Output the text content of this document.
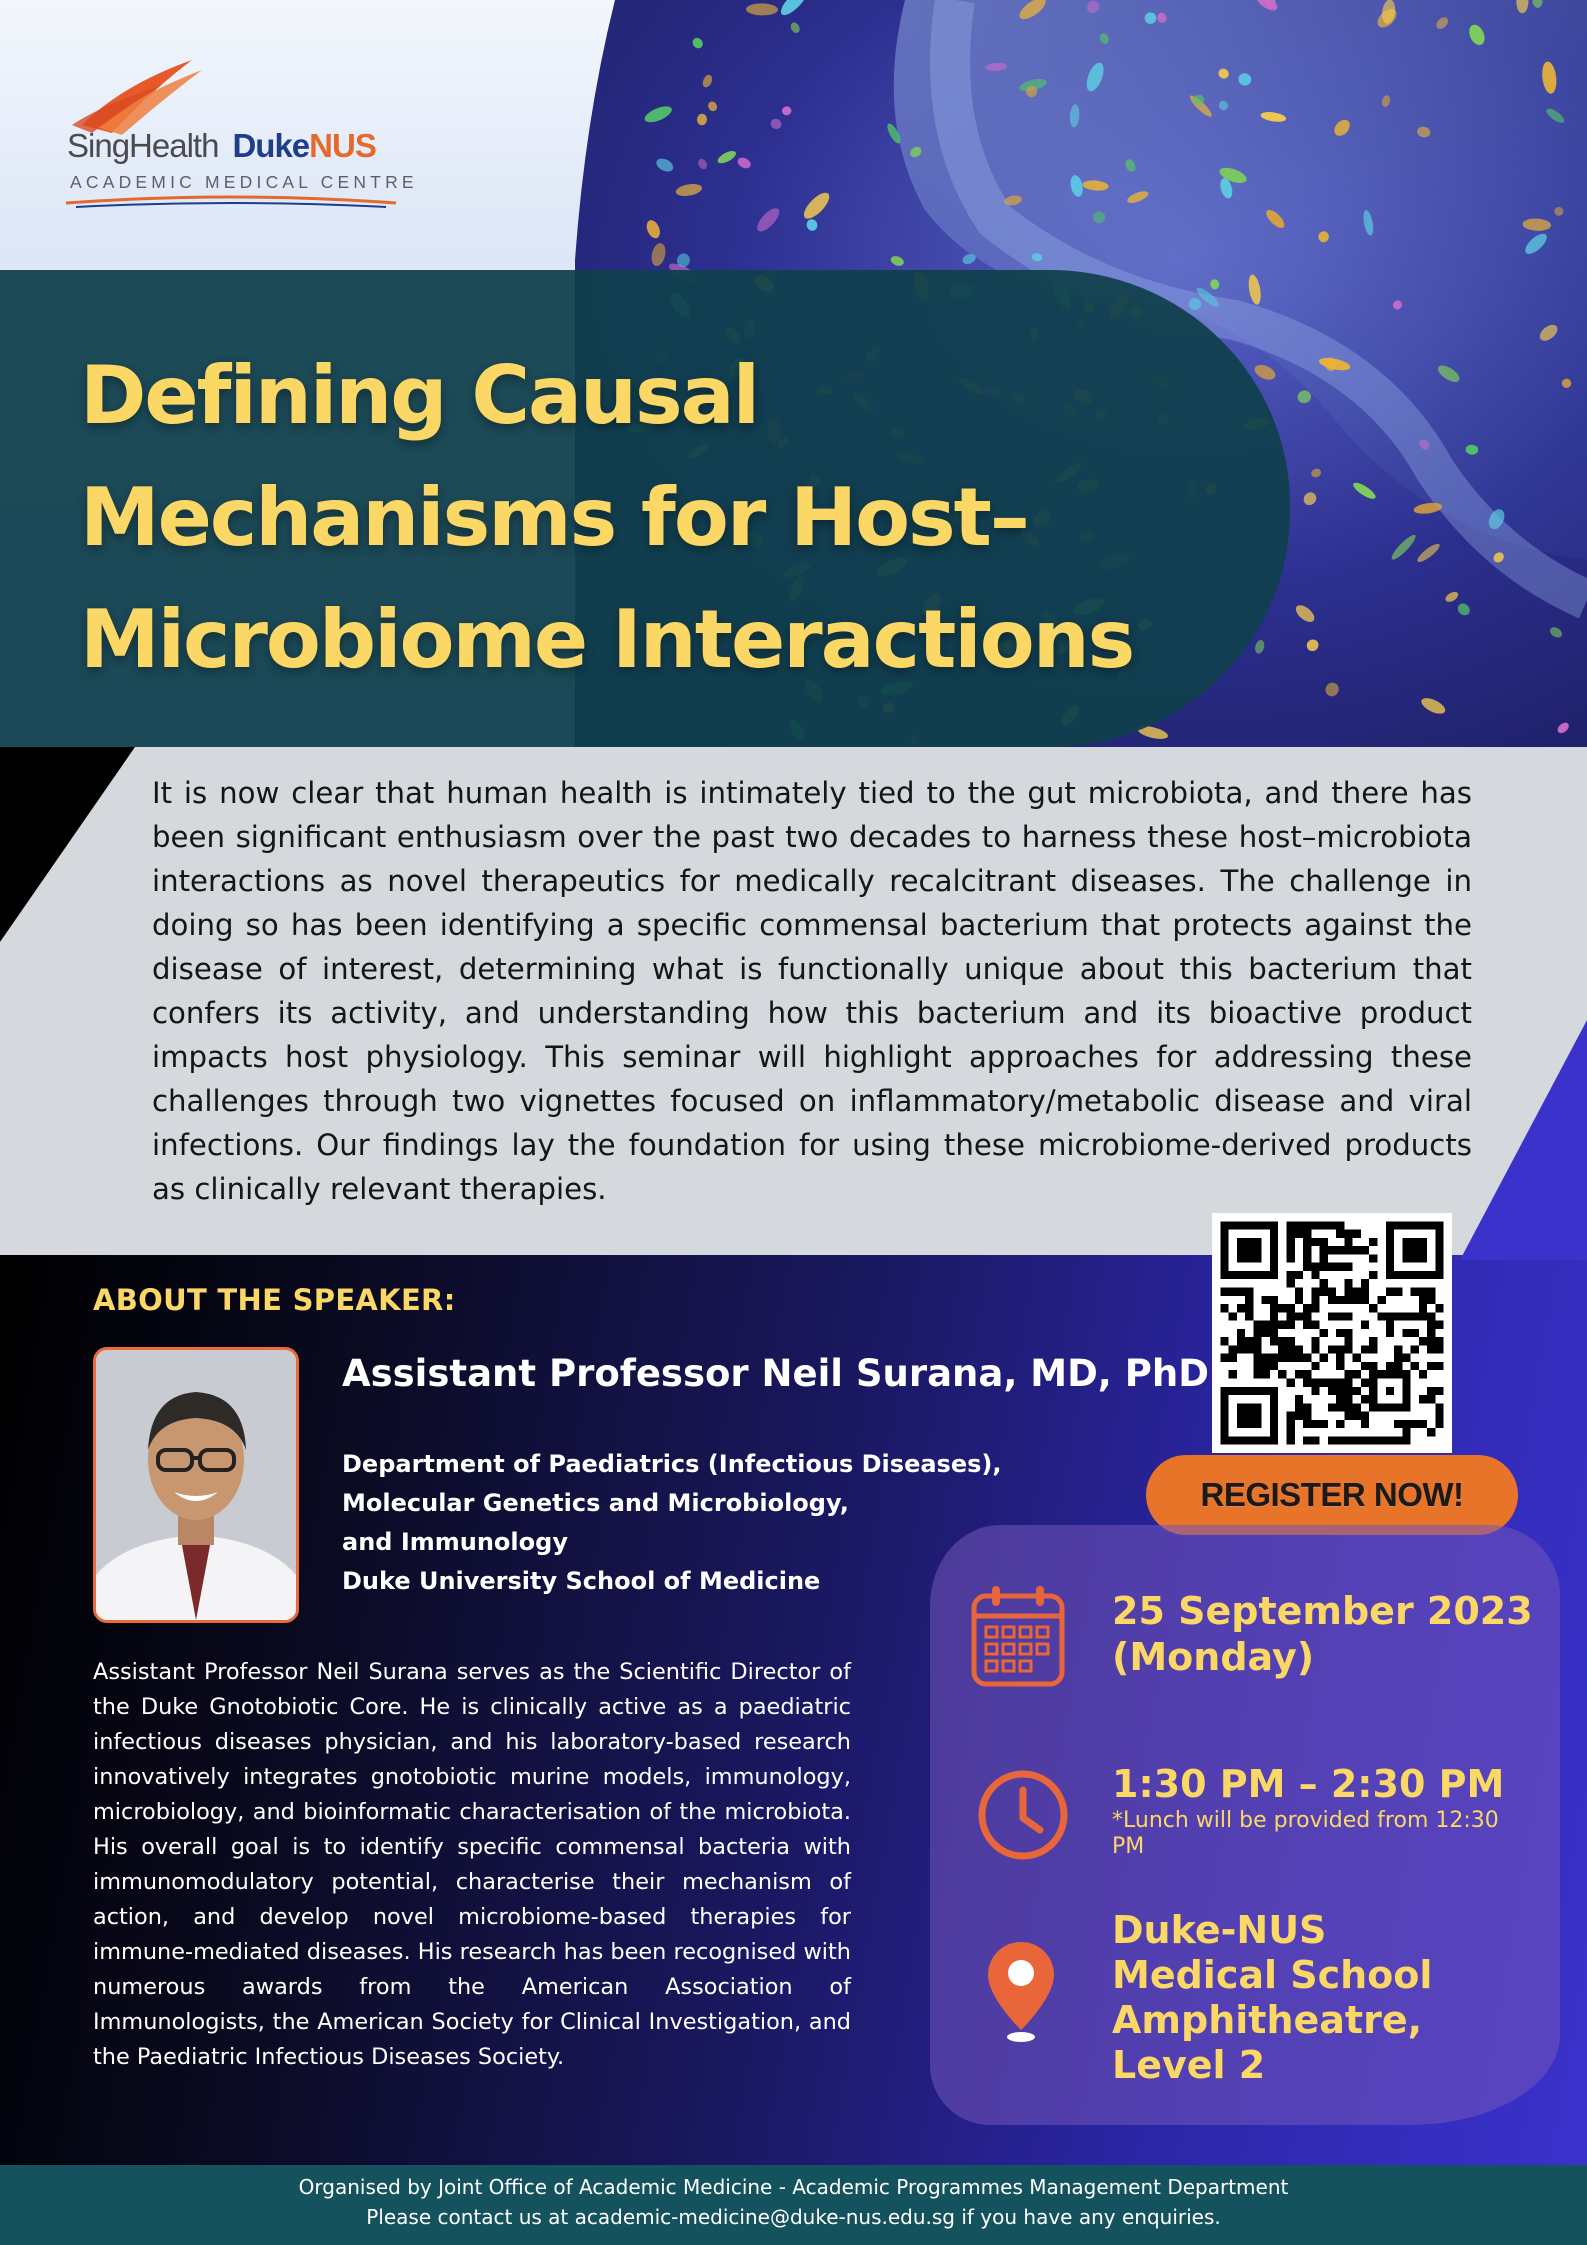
SingHealth DukeNUS
ACADEMIC MEDICAL CENTRE
Defining Causal Mechanisms for Host–Microbiome Interactions

It is now clear that human health is intimately tied to the gut microbiota, and there has been significant enthusiasm over the past two decades to harness these host–microbiota interactions as novel therapeutics for medically recalcitrant diseases. The challenge in doing so has been identifying a specific commensal bacterium that protects against the disease of interest, determining what is functionally unique about this bacterium that confers its activity, and understanding how this bacterium and its bioactive product impacts host physiology. This seminar will highlight approaches for addressing these challenges through two vignettes focused on inflammatory/metabolic disease and viral infections. Our findings lay the foundation for using these microbiome-derived products as clinically relevant therapies.

ABOUT THE SPEAKER:
Assistant Professor Neil Surana, MD, PhD
Department of Paediatrics (Infectious Diseases),
Molecular Genetics and Microbiology,
and Immunology
Duke University School of Medicine

Assistant Professor Neil Surana serves as the Scientific Director of the Duke Gnotobiotic Core. He is clinically active as a paediatric infectious diseases physician, and his laboratory-based research innovatively integrates gnotobiotic murine models, immunology, microbiology, and bioinformatic characterisation of the microbiota. His overall goal is to identify specific commensal bacteria with immunomodulatory potential, characterise their mechanism of action, and develop novel microbiome-based therapies for immune-mediated diseases. His research has been recognised with numerous awards from the American Association of Immunologists, the American Society for Clinical Investigation, and the Paediatric Infectious Diseases Society.

REGISTER NOW!
25 September 2023
(Monday)
1:30 PM – 2:30 PM
*Lunch will be provided from 12:30 PM
Duke-NUS
Medical School
Amphitheatre,
Level 2
Organised by Joint Office of Academic Medicine - Academic Programmes Management Department
Please contact us at academic-medicine@duke-nus.edu.sg if you have any enquiries.
